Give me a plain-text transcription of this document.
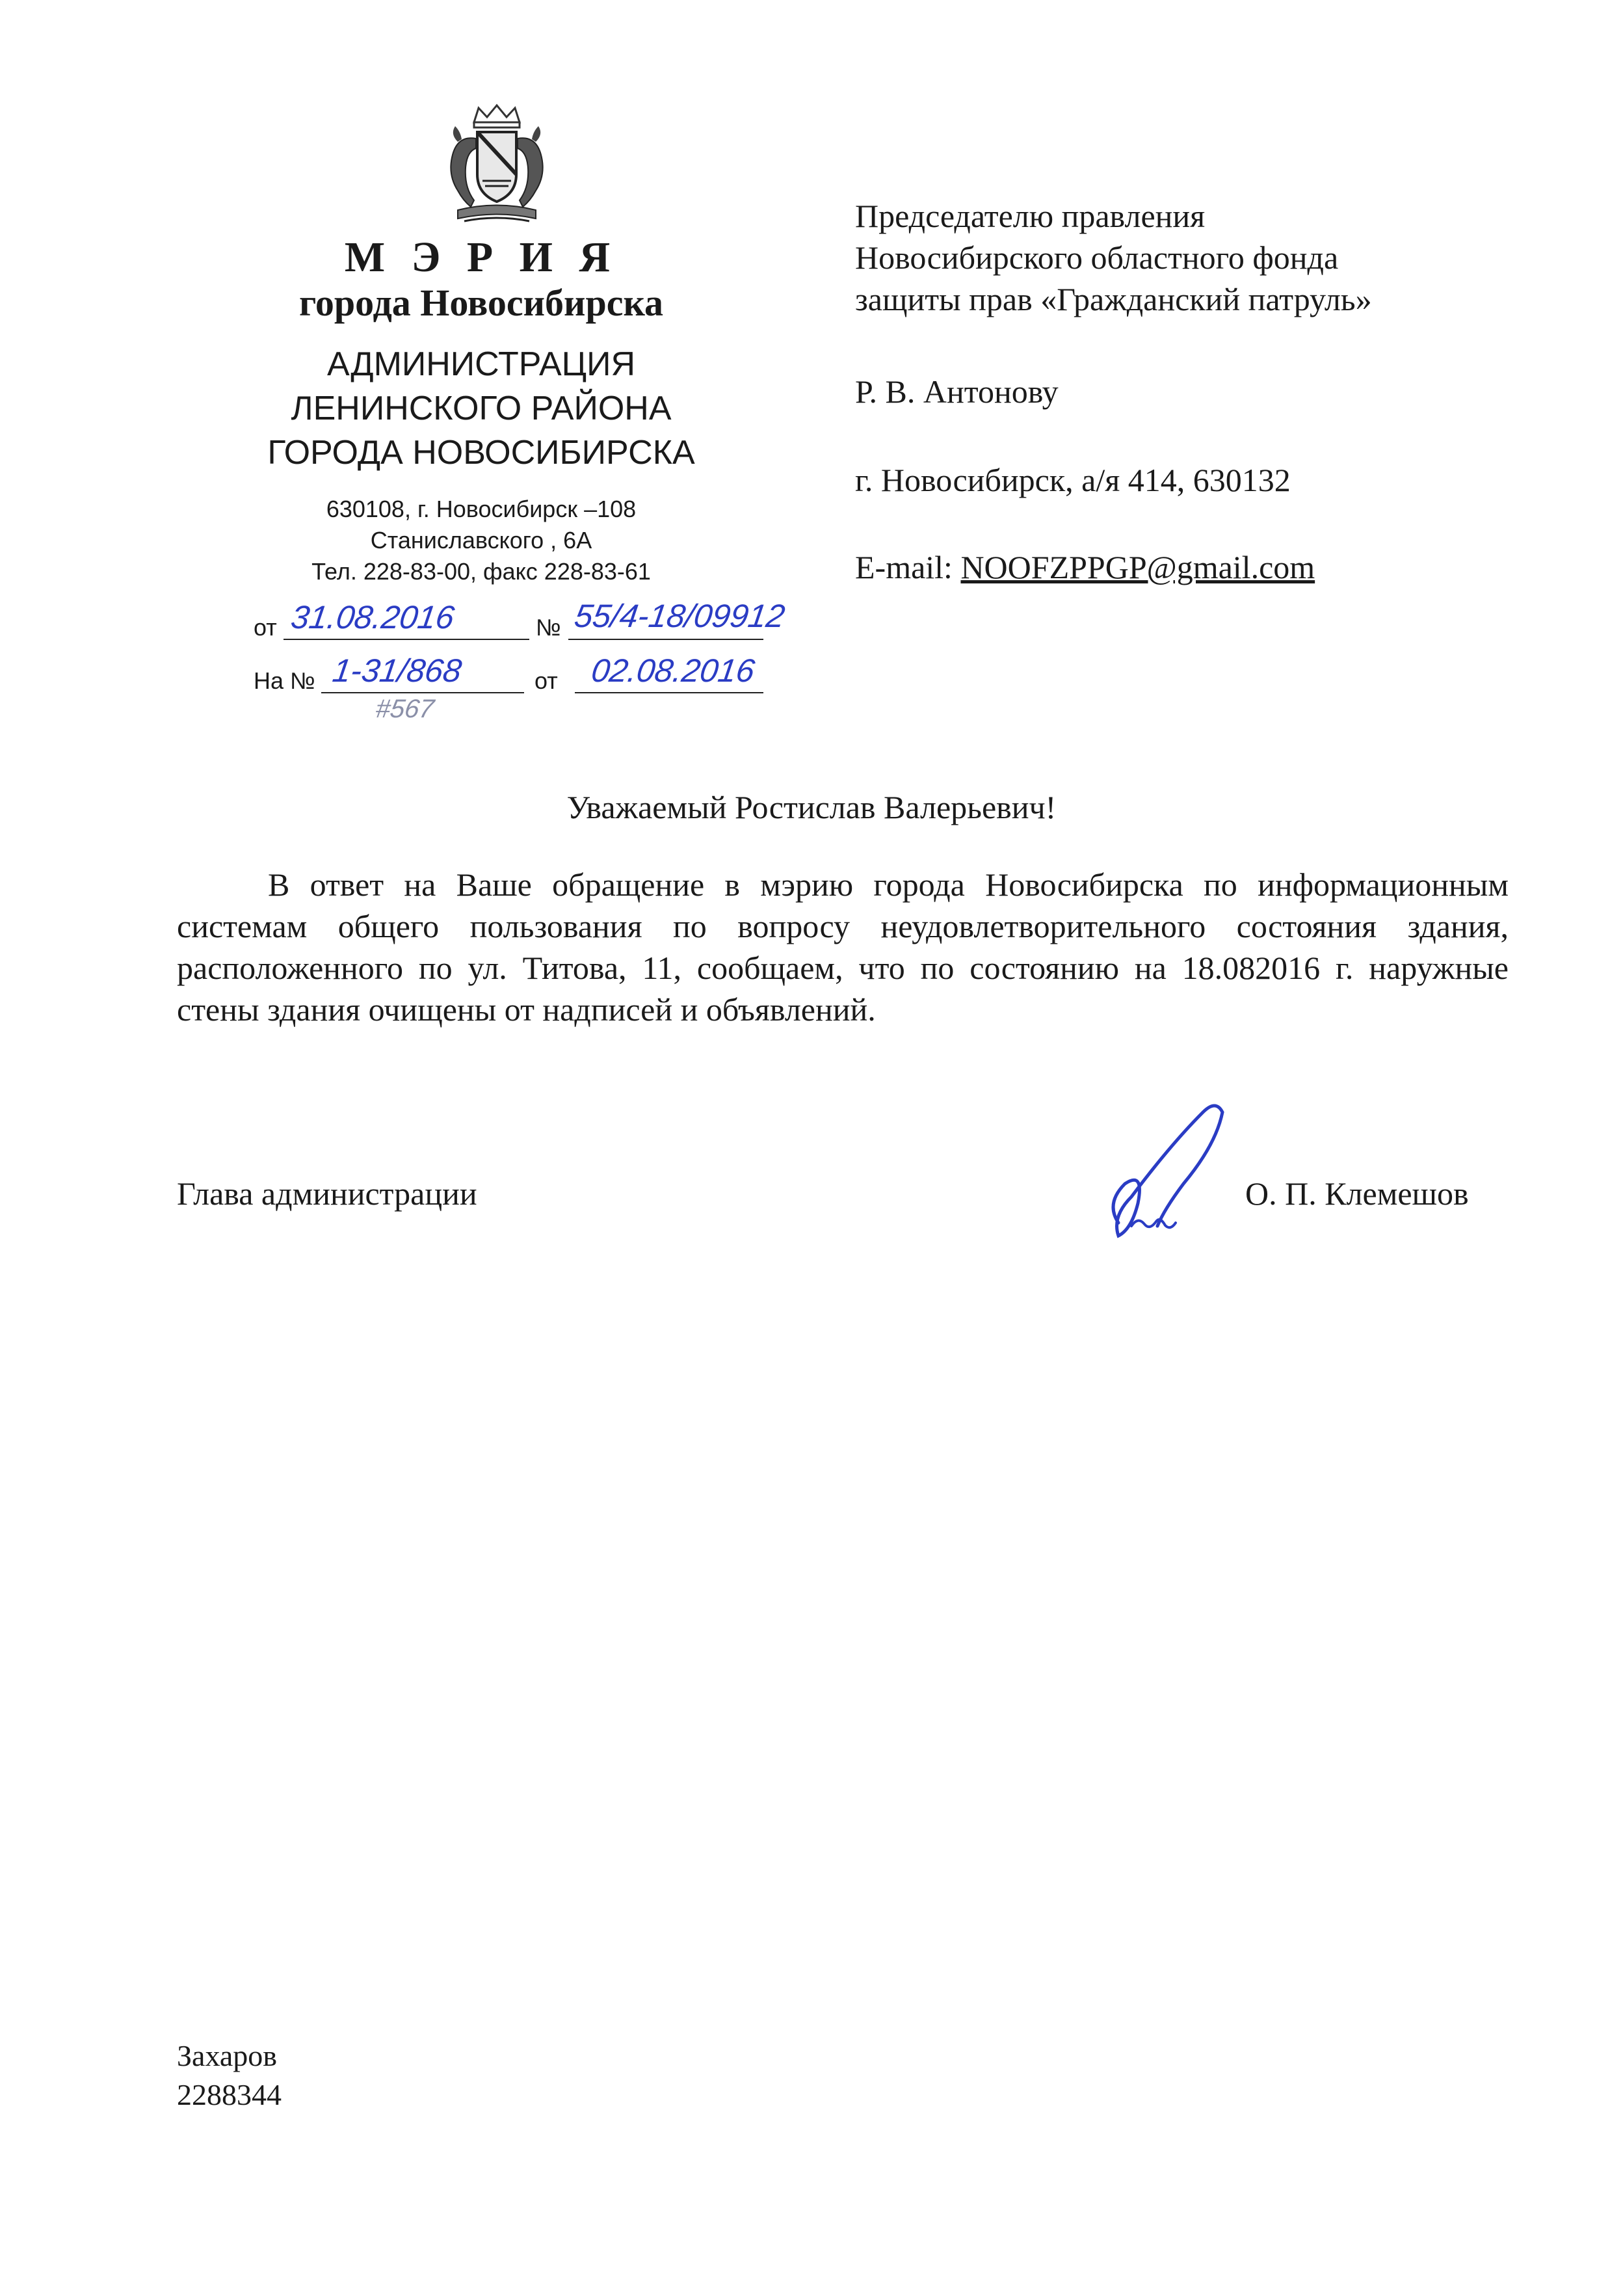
М Э Р И Я
города Новосибирска
АДМИНИСТРАЦИЯ
ЛЕНИНСКОГО РАЙОНА
ГОРОДА НОВОСИБИРСКА
630108, г. Новосибирск –108
Станиславского , 6А
Тел. 228-83-00, факс 228-83-61
от 31.08.2016	№ 55/4-18/09912
На № 1-31/868
#567
от 02.08.2016
Председателю правления
Новосибирского областного фонда
защиты прав «Гражданский патруль»
Р. В. Антонову
г. Новосибирск, а/я 414, 630132
E-mail: NOOFZPPGP@gmail.com
Уважаемый Ростислав Валерьевич!
В ответ на Ваше обращение в мэрию города Новосибирска по информационным системам общего пользования по вопросу неудовлетворительного состояния здания, расположенного по ул. Титова, 11, сообщаем, что по состоянию на 18.082016 г. наружные стены здания очищены от надписей и объявлений.
Глава администрации	О. П. Клемешов
Захаров
2288344
